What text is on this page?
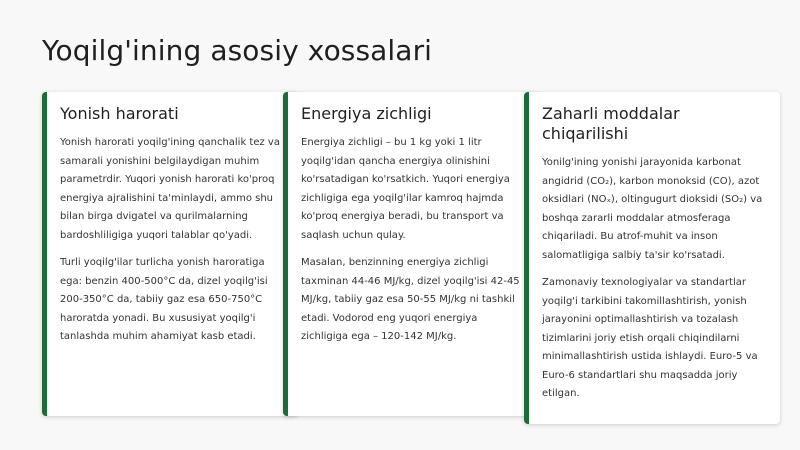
Yoqilg'ining asosiy xossalari
Yonish harorati

Yonish harorati yoqilg'ining qanchalik tez va samarali yonishini belgilaydigan muhim parametrdir. Yuqori yonish harorati ko'proq energiya ajralishini ta'minlaydi, ammo shu bilan birga dvigatel va qurilmalarning bardoshliligiga yuqori talablar qo'yadi.

Turli yoqilg'ilar turlicha yonish haroratiga ega: benzin 400-500°C da, dizel yoqilg'isi 200-350°C da, tabiiy gaz esa 650-750°C haroratda yonadi. Bu xususiyat yoqilg'i tanlashda muhim ahamiyat kasb etadi.

Energiya zichligi

Energiya zichligi – bu 1 kg yoki 1 litr yoqilg'idan qancha energiya olinishini ko'rsatadigan ko'rsatkich. Yuqori energiya zichligiga ega yoqilg'ilar kamroq hajmda ko'proq energiya beradi, bu transport va saqlash uchun qulay.

Masalan, benzinning energiya zichligi taxminan 44-46 MJ/kg, dizel yoqilg'isi 42-45 MJ/kg, tabiiy gaz esa 50-55 MJ/kg ni tashkil etadi. Vodorod eng yuqori energiya zichligiga ega – 120-142 MJ/kg.

Zaharli moddalar chiqarilishi

Yonilg'ining yonishi jarayonida karbonat angidrid (CO₂), karbon monoksid (CO), azot oksidlari (NOₓ), oltingugurt dioksidi (SO₂) va boshqa zararli moddalar atmosferaga chiqariladi. Bu atrof-muhit va inson salomatligiga salbiy ta'sir ko'rsatadi.

Zamonaviy texnologiyalar va standartlar yoqilg'i tarkibini takomillashtirish, yonish jarayonini optimallashtirish va tozalash tizimlarini joriy etish orqali chiqindilarni minimallashtirish ustida ishlaydi. Euro-5 va Euro-6 standartlari shu maqsadda joriy etilgan.
